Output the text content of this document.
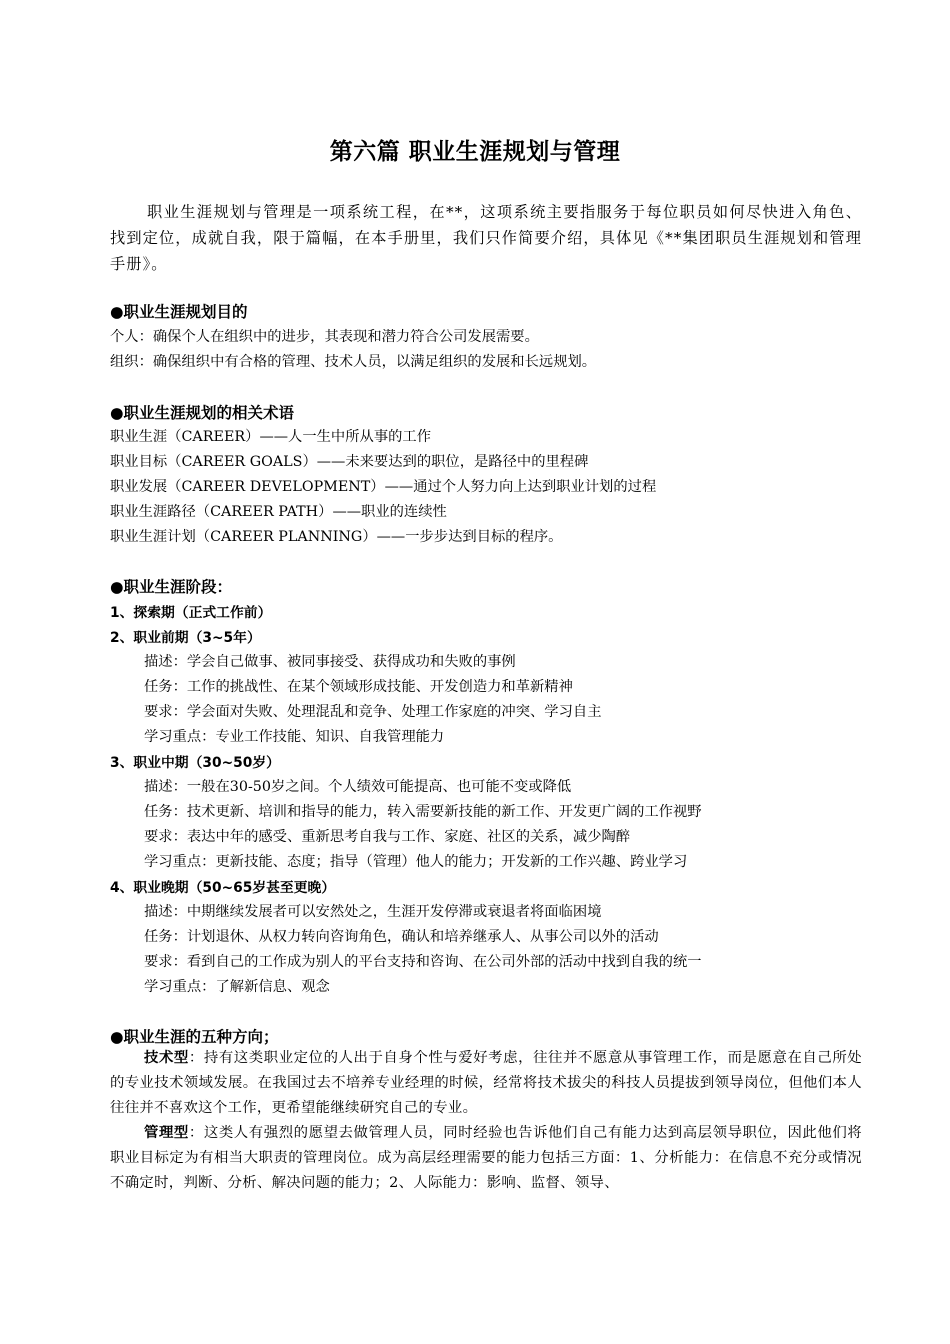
第六篇 职业生涯规划与管理
职业生涯规划与管理是一项系统工程，在**，这项系统主要指服务于每位职员如何尽快进入角色、找到定位，成就自我，限于篇幅，在本手册里，我们只作简要介绍，具体见《**集团职员生涯规划和管理手册》。
●职业生涯规划目的
个人：确保个人在组织中的进步，其表现和潜力符合公司发展需要。
组织：确保组织中有合格的管理、技术人员，以满足组织的发展和长远规划。
●职业生涯规划的相关术语
职业生涯（CAREER）——人一生中所从事的工作
职业目标（CAREER GOALS）——未来要达到的职位，是路径中的里程碑
职业发展（CAREER DEVELOPMENT）——通过个人努力向上达到职业计划的过程
职业生涯路径（CAREER PATH）——职业的连续性
职业生涯计划（CAREER PLANNING）——一步步达到目标的程序。
●职业生涯阶段：
1、探索期（正式工作前）
2、职业前期（3~5年）
描述：学会自己做事、被同事接受、获得成功和失败的事例
任务：工作的挑战性、在某个领域形成技能、开发创造力和革新精神
要求：学会面对失败、处理混乱和竞争、处理工作家庭的冲突、学习自主
学习重点：专业工作技能、知识、自我管理能力
3、职业中期（30~50岁）
描述：一般在30-50岁之间。个人绩效可能提高、也可能不变或降低
任务：技术更新、培训和指导的能力，转入需要新技能的新工作、开发更广阔的工作视野
要求：表达中年的感受、重新思考自我与工作、家庭、社区的关系，减少陶醉
学习重点：更新技能、态度；指导（管理）他人的能力；开发新的工作兴趣、跨业学习
4、职业晚期（50~65岁甚至更晚）
描述：中期继续发展者可以安然处之，生涯开发停滞或衰退者将面临困境
任务：计划退休、从权力转向咨询角色，确认和培养继承人、从事公司以外的活动
要求：看到自己的工作成为别人的平台支持和咨询、在公司外部的活动中找到自我的统一
学习重点：了解新信息、观念
●职业生涯的五种方向；
技术型：持有这类职业定位的人出于自身个性与爱好考虑，往往并不愿意从事管理工作，而是愿意在自己所处的专业技术领域发展。在我国过去不培养专业经理的时候，经常将技术拔尖的科技人员提拔到领导岗位，但他们本人往往并不喜欢这个工作，更希望能继续研究自己的专业。
管理型：这类人有强烈的愿望去做管理人员，同时经验也告诉他们自己有能力达到高层领导职位，因此他们将职业目标定为有相当大职责的管理岗位。成为高层经理需要的能力包括三方面：1、分析能力：在信息不充分或情况不确定时，判断、分析、解决问题的能力；2、人际能力：影响、监督、领导、
